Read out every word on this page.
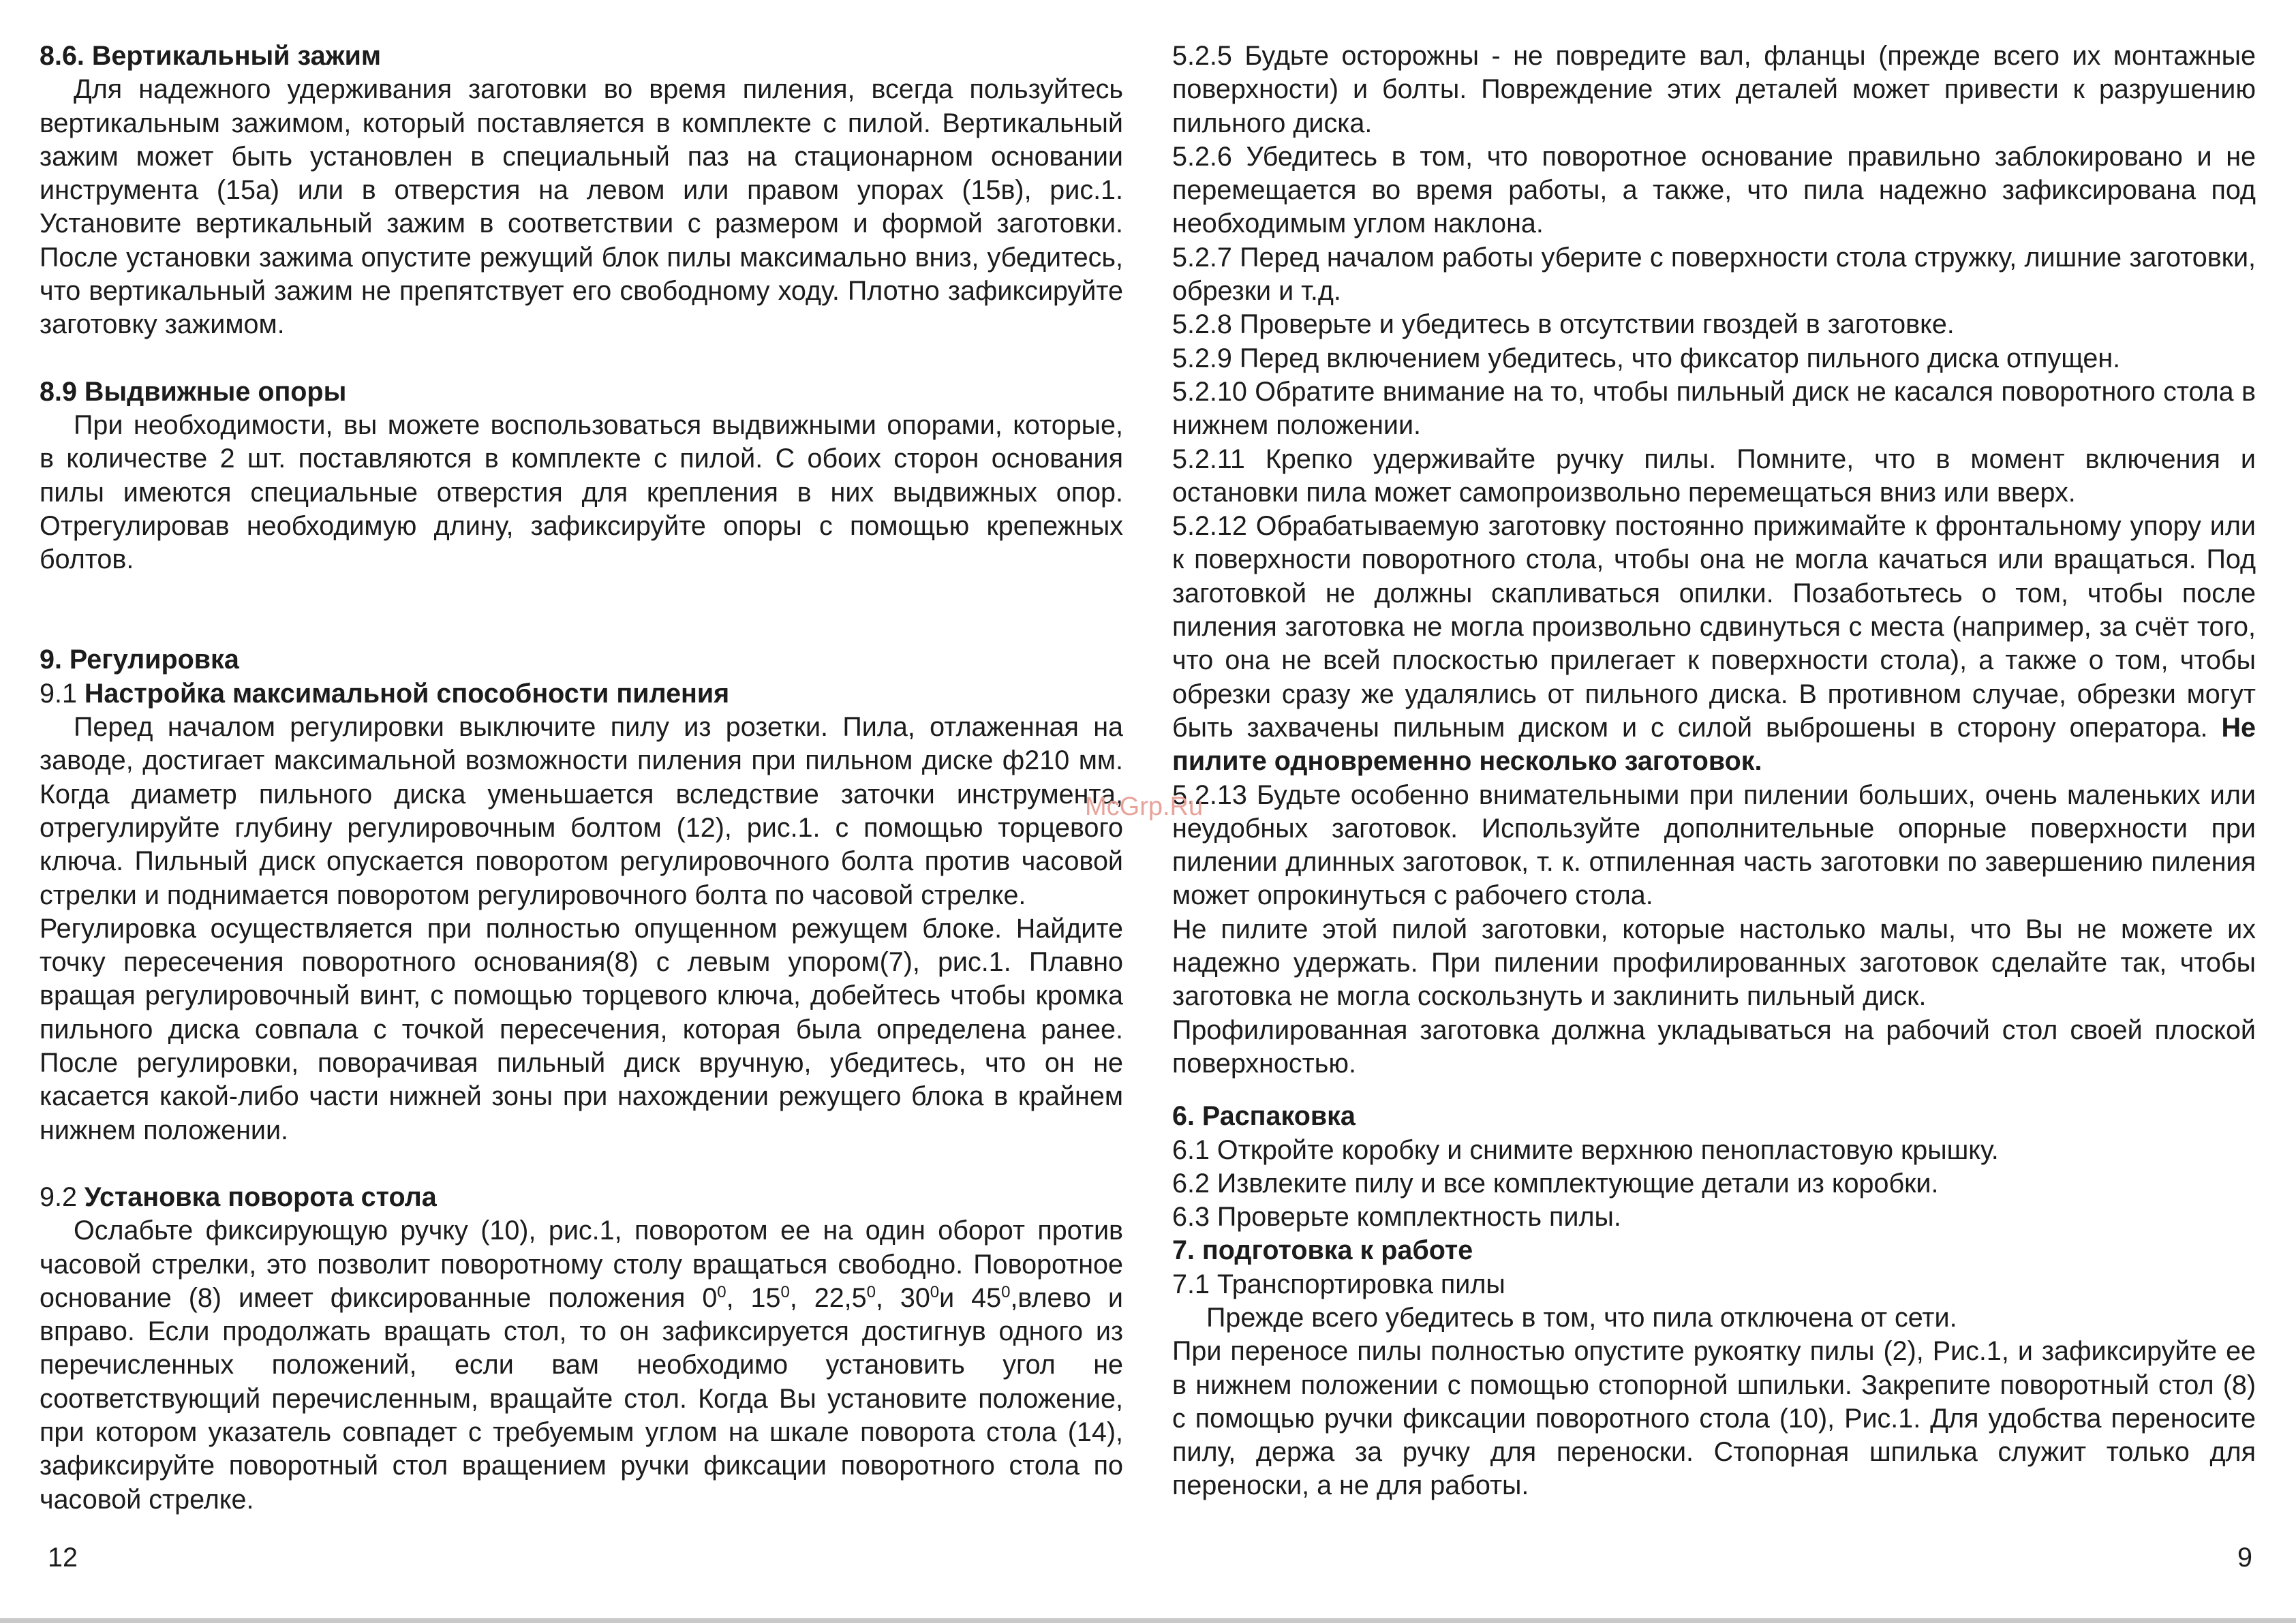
8.6. Вертикальный зажим

Для надежного удерживания заготовки во время пиления, всегда пользуйтесь вертикальным зажимом, который поставляется в комплекте с пилой. Вертикальный зажим может быть установлен в специальный паз на стационарном основании инструмента (15а) или в отверстия на левом или правом упорах (15в), рис.1. Установите вертикальный зажим в соответствии с размером и формой заготовки. После установки зажима опустите режущий блок пилы максимально вниз, убедитесь, что вертикальный зажим не препятствует его свободному ходу. Плотно зафиксируйте заготовку зажимом.

8.9 Выдвижные опоры

При необходимости, вы можете воспользоваться выдвижными опорами, которые, в количестве 2 шт. поставляются в комплекте с пилой. С обоих сторон основания пилы имеются специальные отверстия для крепления в них выдвижных опор. Отрегулировав необходимую длину, зафиксируйте опоры с помощью крепежных болтов.

9. Регулировка

9.1 Настройка максимальной способности пиления

Перед началом регулировки выключите пилу из розетки. Пила, отлаженная на заводе, достигает максимальной возможности пиления при пильном диске ф210 мм. Когда диаметр пильного диска уменьшается вследствие заточки инструмента, отрегулируйте глубину регулировочным болтом (12), рис.1. с помощью торцевого ключа. Пильный диск опускается поворотом регулировочного болта против часовой стрелки и поднимается поворотом регулировочного болта по часовой стрелке.

Регулировка осуществляется при полностью опущенном режущем блоке. Найдите точку пересечения поворотного основания(8) с левым упором(7), рис.1. Плавно вращая регулировочный винт, с помощью торцевого ключа, добейтесь чтобы кромка пильного диска совпала с точкой пересечения, которая была определена ранее. После регулировки, поворачивая пильный диск вручную, убедитесь, что он не касается какой-либо части нижней зоны при нахождении режущего блока в крайнем нижнем положении.

9.2 Установка поворота стола

Ослабьте фиксирующую ручку (10), рис.1, поворотом ее на один оборот против часовой стрелки, это позволит поворотному столу вращаться свободно. Поворотное основание (8) имеет фиксированные положения $0^0$, $15^0$, 22,5$^0$, $30^0и$ $45^0,влево$ и вправо. Если продолжать вращать стол, то он зафиксируется достигнув одного из перечисленных положений, если вам необходимо установить угол не соответствующий перечисленным, вращайте стол. Когда Вы установите положение, при котором указатель совпадет с требуемым углом на шкале поворота стола (14), зафиксируйте поворотный стол вращением ручки фиксации поворотного стола по часовой стрелке.

5.2.5 Будьте осторожны - не повредите вал, фланцы (прежде всего их монтажные поверхности) и болты. Повреждение этих деталей может привести к разрушению пильного диска.

5.2.6 Убедитесь в том, что поворотное основание правильно заблокировано и не перемещается во время работы, а также, что пила надежно зафиксирована под необходимым углом наклона.

5.2.7 Перед началом работы уберите с поверхности стола стружку, лишние заготовки, обрезки и т.д.

5.2.8 Проверьте и убедитесь в отсутствии гвоздей в заготовке.

5.2.9 Перед включением убедитесь, что фиксатор пильного диска отпущен.

5.2.10 Обратите внимание на то, чтобы пильный диск не касался поворотного стола в нижнем положении.

5.2.11 Крепко удерживайте ручку пилы. Помните, что в момент включения и остановки пила может самопроизвольно перемещаться вниз или вверх.

5.2.12 Обрабатываемую заготовку постоянно прижимайте к фронтальному упору или к поверхности поворотного стола, чтобы она не могла качаться или вращаться. Под заготовкой не должны скапливаться опилки. Позаботьтесь о том, чтобы после пиления заготовка не могла произвольно сдвинуться с места (например, за счёт того, что она не всей плоскостью прилегает к поверхности стола), а также о том, чтобы обрезки сразу же удалялись от пильного диска. В противном случае, обрезки могут быть захвачены пильным диском и с силой выброшены в сторону оператора. Не пилите одновременно несколько заготовок.

5.2.13 Будьте особенно внимательными при пилении больших, очень маленьких или неудобных заготовок. Используйте дополнительные опорные поверхности при пилении длинных заготовок, т. к. отпиленная часть заготовки по завершению пиления может опрокинуться с рабочего стола.

Не пилите этой пилой заготовки, которые настолько малы, что Вы не можете их надежно удержать. При пилении профилированных заготовок сделайте так, чтобы заготовка не могла соскользнуть и заклинить пильный диск.

Профилированная заготовка должна укладываться на рабочий стол своей плоской поверхностью.

6. Распаковка

6.1 Откройте коробку и снимите верхнюю пенопластовую крышку.

6.2 Извлеките пилу и все комплектующие детали из коробки.

6.3 Проверьте комплектность пилы.

7. подготовка к работе

7.1 Транспортировка пилы

Прежде всего убедитесь в том, что пила отключена от сети.

При переносе пилы полностью опустите рукоятку пилы (2), Рис.1, и зафиксируйте ее в нижнем положении с помощью стопорной шпильки. Закрепите поворотный стол (8) с помощью ручки фиксации поворотного стола (10), Рис.1. Для удобства переносите пилу, держа за ручку для переноски. Стопорная шпилька служит только для переноски, а не для работы.

12	9
McGrp.Ru
